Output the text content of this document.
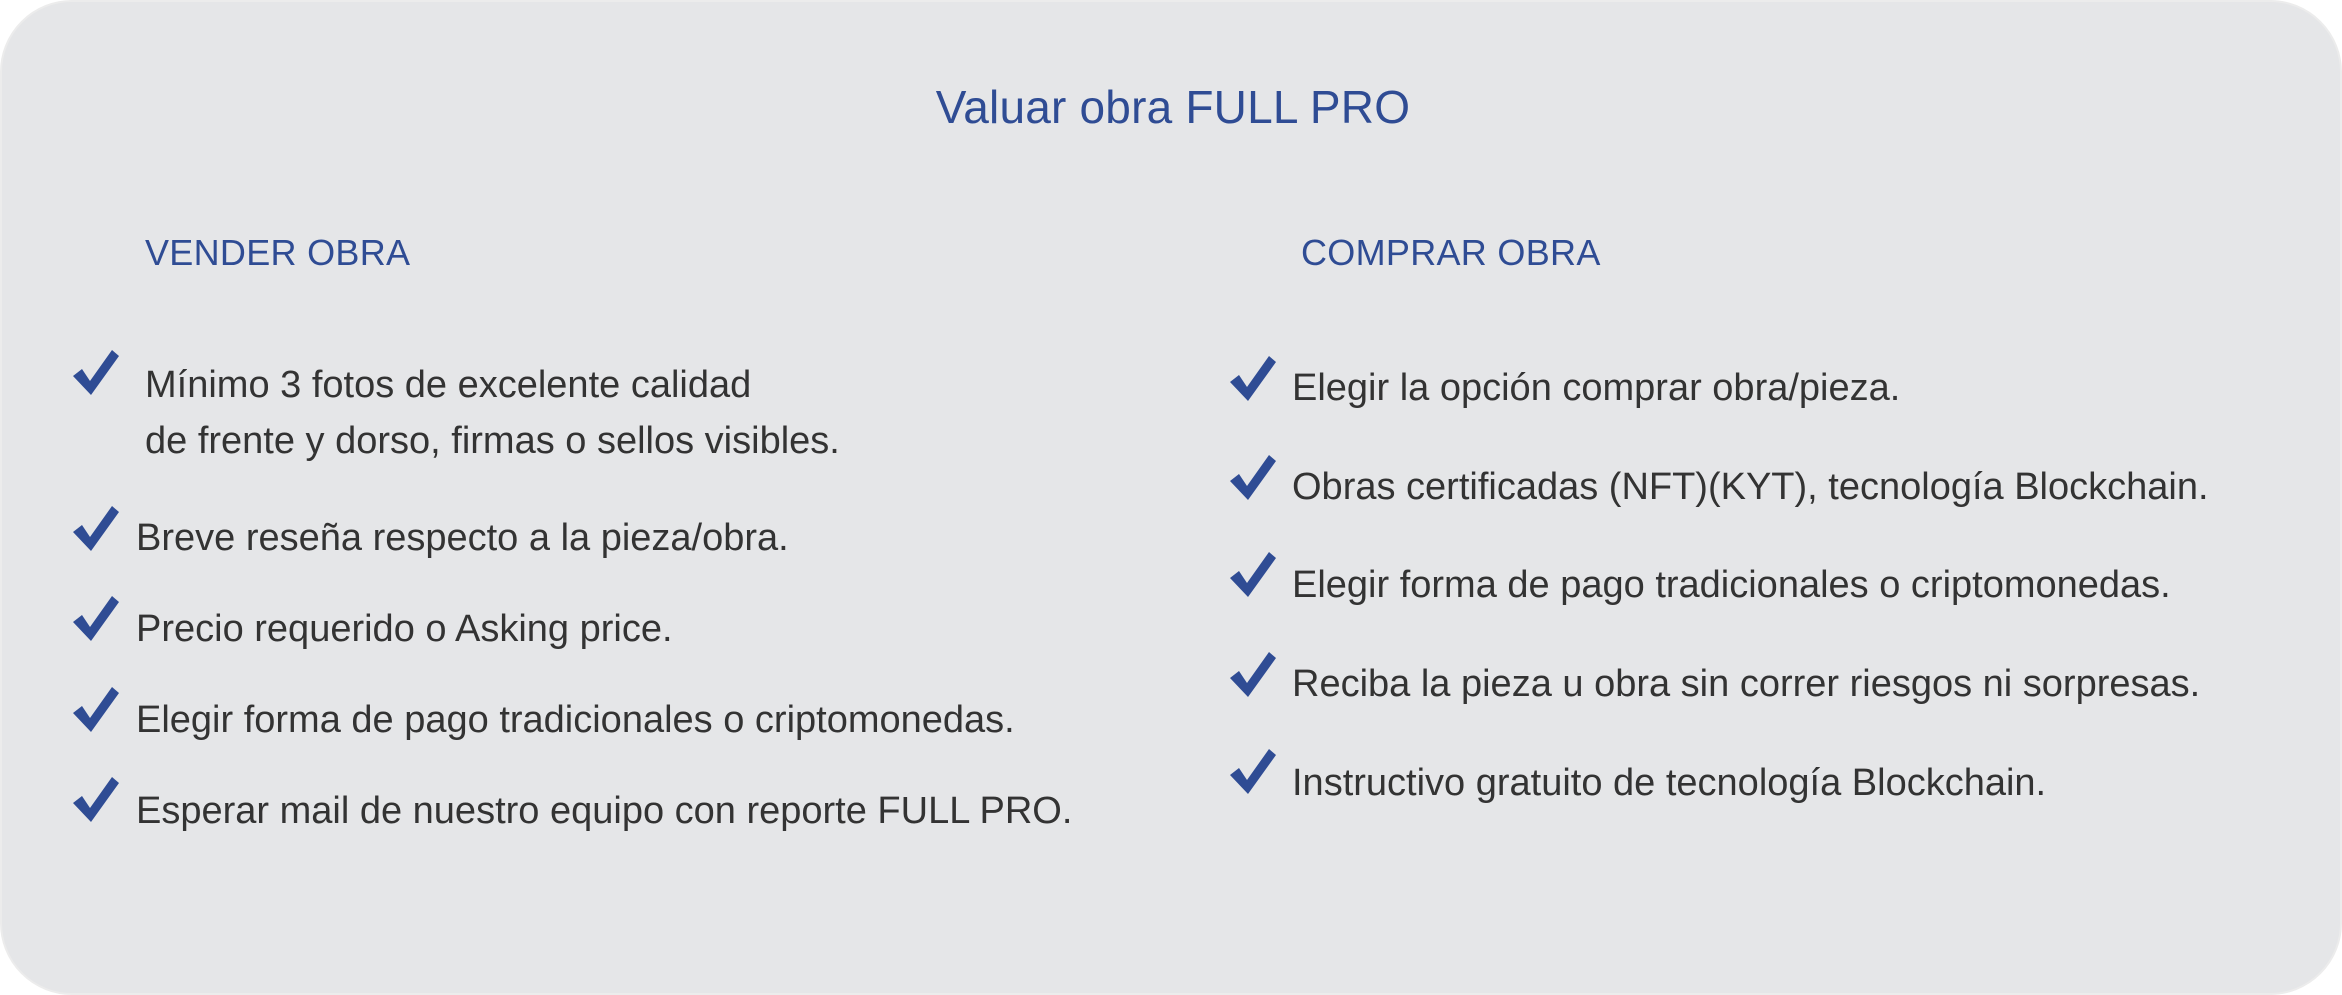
Valuar obra FULL PRO
VENDER OBRA	COMPRAR OBRA
Mínimo 3 fotos de excelente calidad
de frente y dorso, firmas o sellos visibles.
Breve reseña respecto a la pieza/obra.
Precio requerido o Asking price.
Elegir forma de pago tradicionales o criptomonedas.
Esperar mail de nuestro equipo con reporte FULL PRO.
Elegir la opción comprar obra/pieza.
Obras certificadas (NFT)(KYT), tecnología Blockchain.
Elegir forma de pago tradicionales o criptomonedas.
Reciba la pieza u obra sin correr riesgos ni sorpresas.
Instructivo gratuito de tecnología Blockchain.
